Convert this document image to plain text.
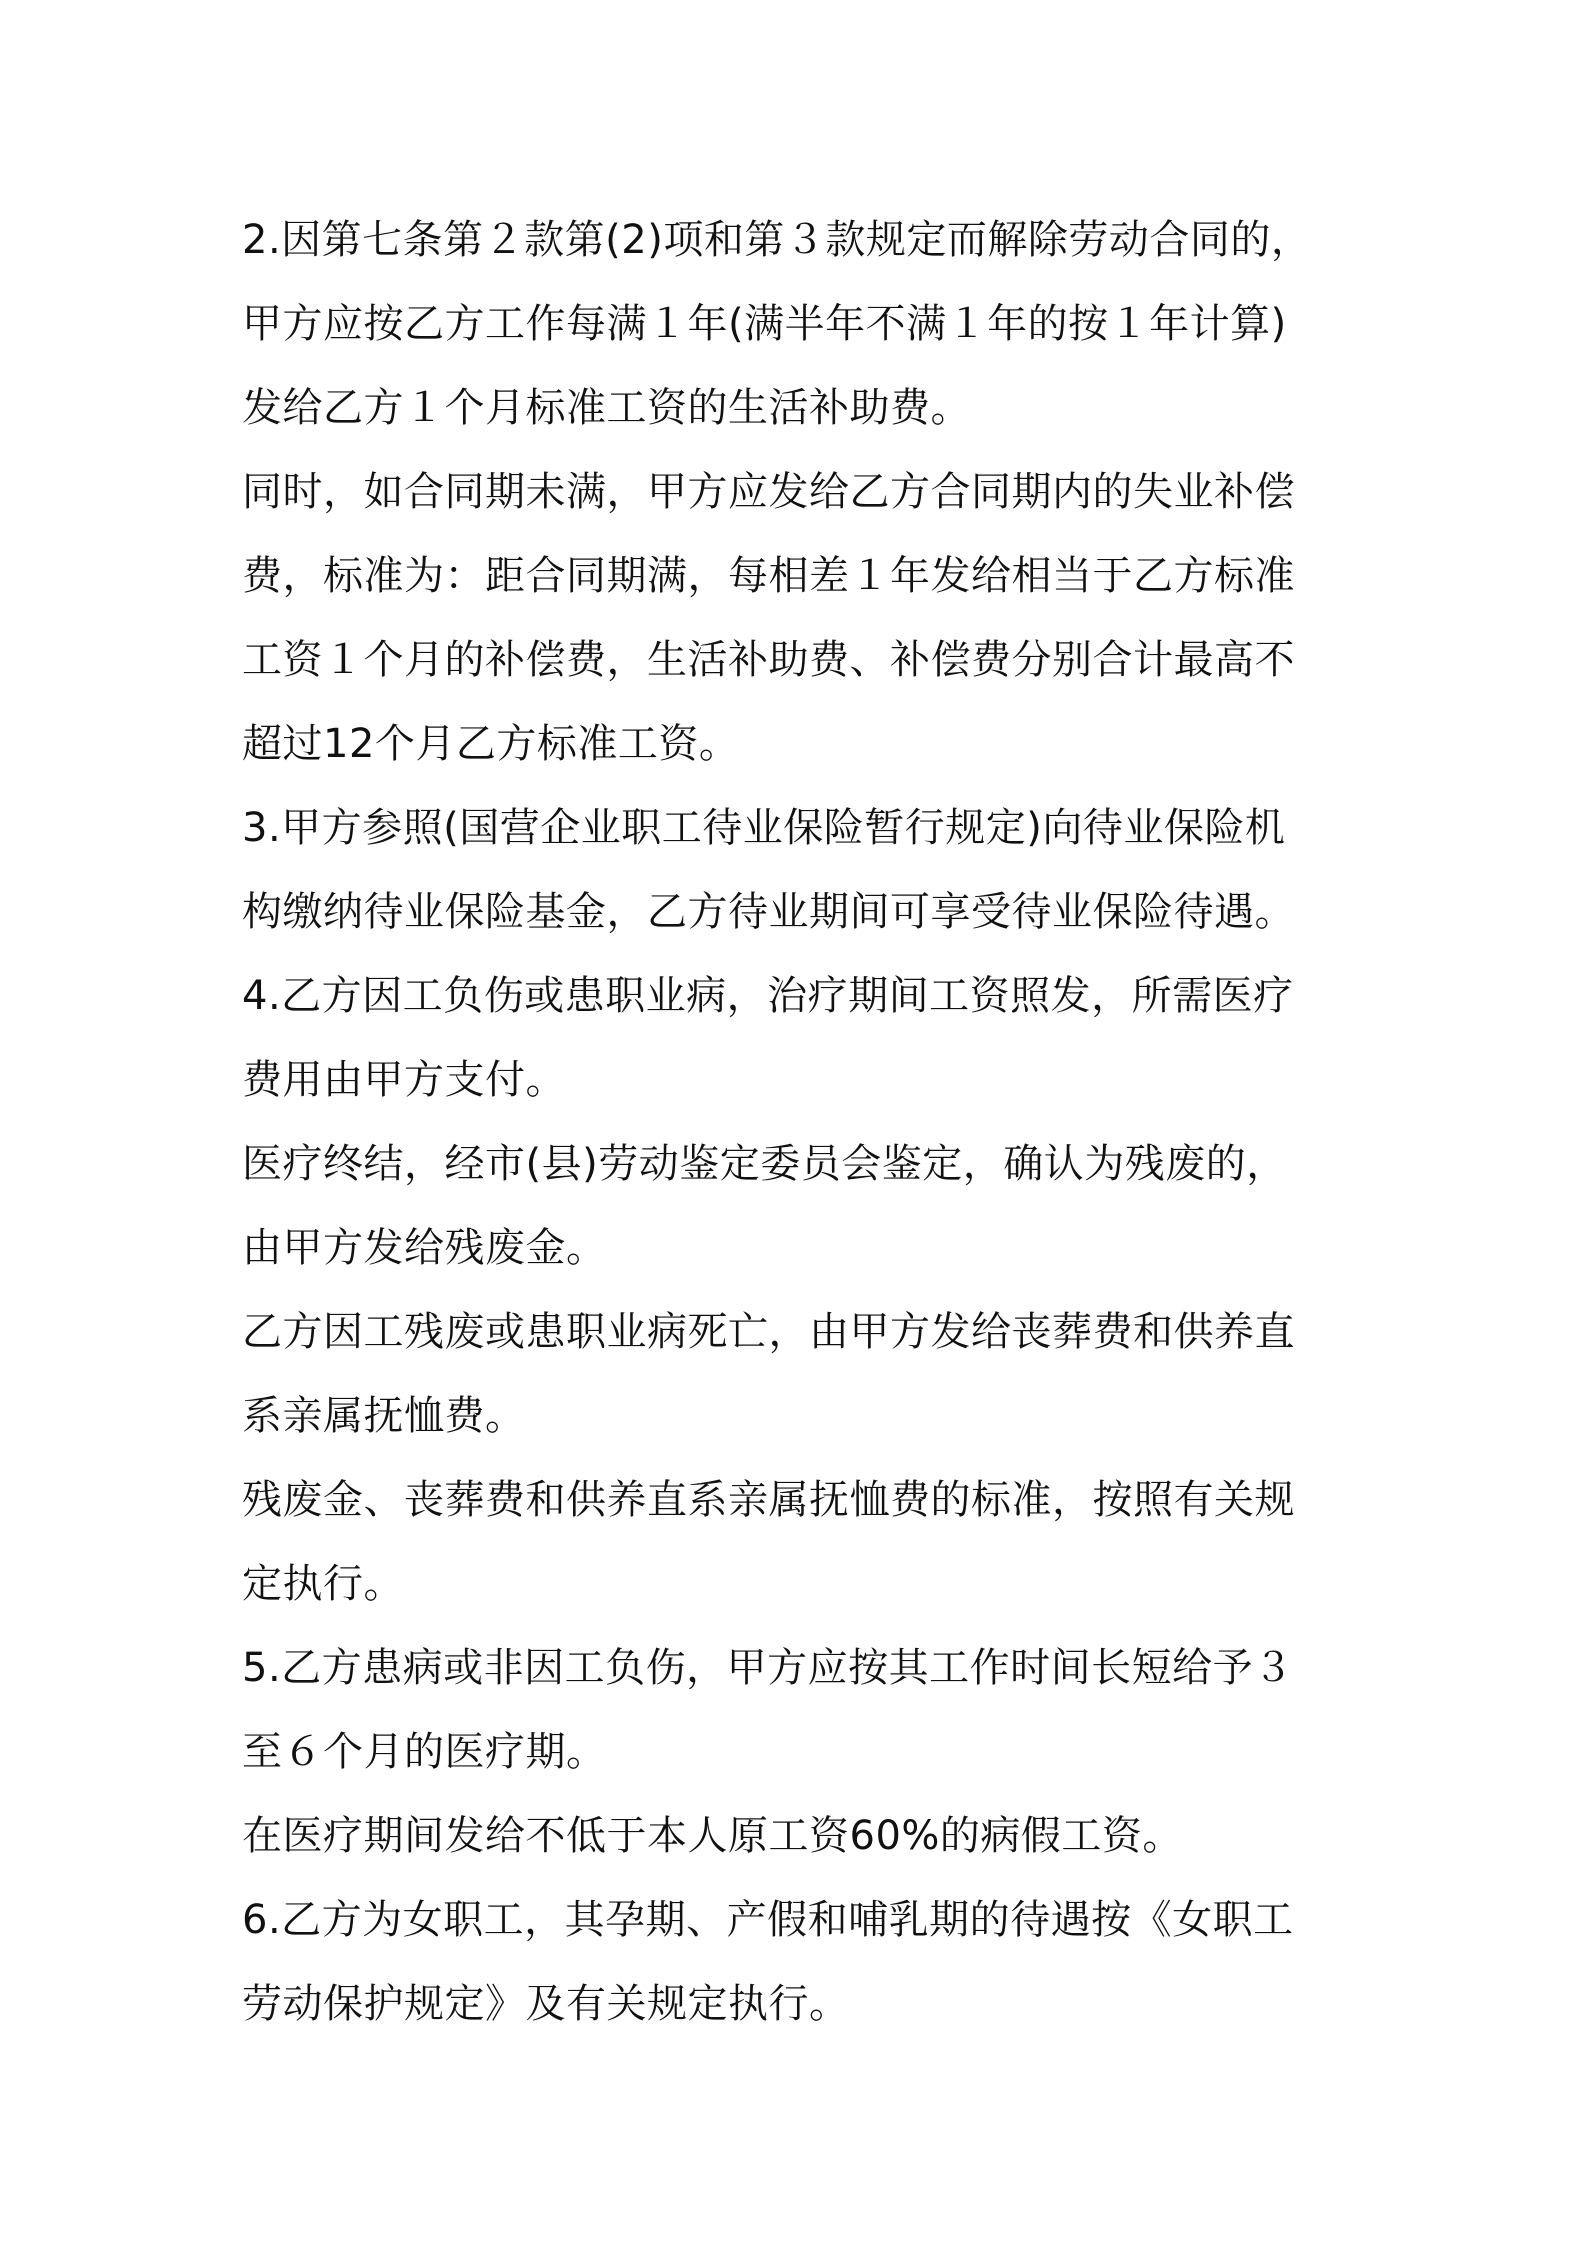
2.因第七条第２款第(2)项和第３款规定而解除劳动合同的，
甲方应按乙方工作每满１年(满半年不满１年的按１年计算)
发给乙方１个月标准工资的生活补助费。
同时，如合同期未满，甲方应发给乙方合同期内的失业补偿
费，标准为：距合同期满，每相差１年发给相当于乙方标准
工资１个月的补偿费，生活补助费、补偿费分别合计最高不
超过12个月乙方标准工资。
3.甲方参照(国营企业职工待业保险暂行规定)向待业保险机
构缴纳待业保险基金，乙方待业期间可享受待业保险待遇。
4.乙方因工负伤或患职业病，治疗期间工资照发，所需医疗
费用由甲方支付。
医疗终结，经市(县)劳动鉴定委员会鉴定，确认为残废的，
由甲方发给残废金。
乙方因工残废或患职业病死亡，由甲方发给丧葬费和供养直
系亲属抚恤费。
残废金、丧葬费和供养直系亲属抚恤费的标准，按照有关规
定执行。
5.乙方患病或非因工负伤，甲方应按其工作时间长短给予３
至６个月的医疗期。
在医疗期间发给不低于本人原工资60%的病假工资。
6.乙方为女职工，其孕期、产假和哺乳期的待遇按《女职工
劳动保护规定》及有关规定执行。
